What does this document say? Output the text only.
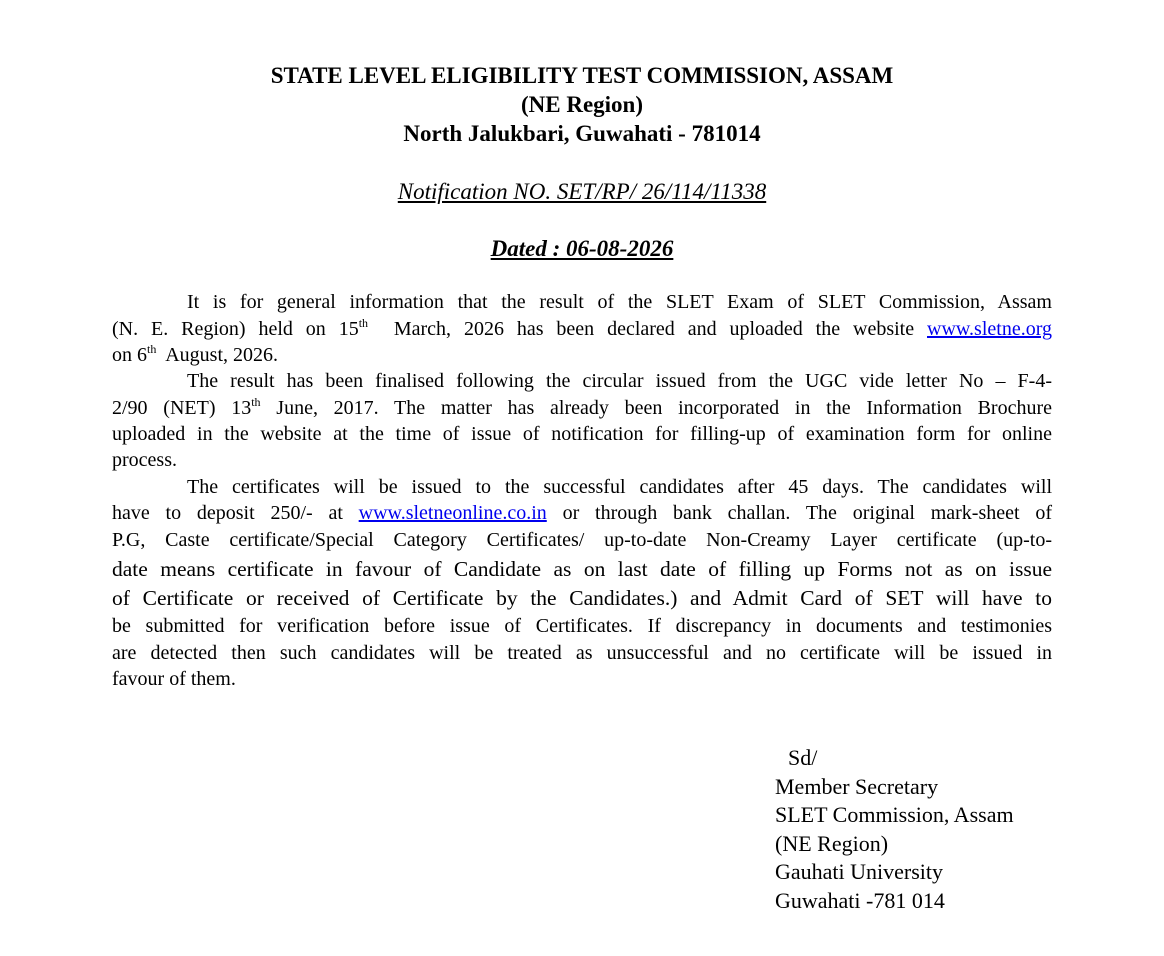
STATE LEVEL ELIGIBILITY TEST COMMISSION, ASSAM
(NE Region)
North Jalukbari, Guwahati - 781014
Notification NO. SET/RP/ 26/114/11338
Dated : 06-08-2026
It is for general information that the result of the SLET Exam of SLET Commission, Assam
(N. E. Region) held on 15th  March, 2026 has been declared and uploaded the website www.sletne.org
on 6th  August, 2026.
The result has been finalised following the circular issued from the UGC vide letter No – F-4-
2/90 (NET) 13th June, 2017. The matter has already been incorporated in the Information Brochure
uploaded in the website at the time of issue of notification for filling-up of examination form for online
process.
The certificates will be issued to the successful candidates after 45 days. The candidates will
have to deposit 250/- at www.sletneonline.co.in or through bank challan. The original mark-sheet of
P.G, Caste certificate/Special Category Certificates/ up-to-date Non-Creamy Layer certificate (up-to-
date means certificate in favour of Candidate as on last date of filling up Forms not as on issue
of Certificate or received of Certificate by the Candidates.) and Admit Card of SET will have to
be submitted for verification before issue of Certificates. If discrepancy in documents and testimonies
are detected then such candidates will be treated as unsuccessful and no certificate will be issued in
favour of them.
Sd/
Member Secretary
SLET Commission, Assam
(NE Region)
Gauhati University
Guwahati -781 014
